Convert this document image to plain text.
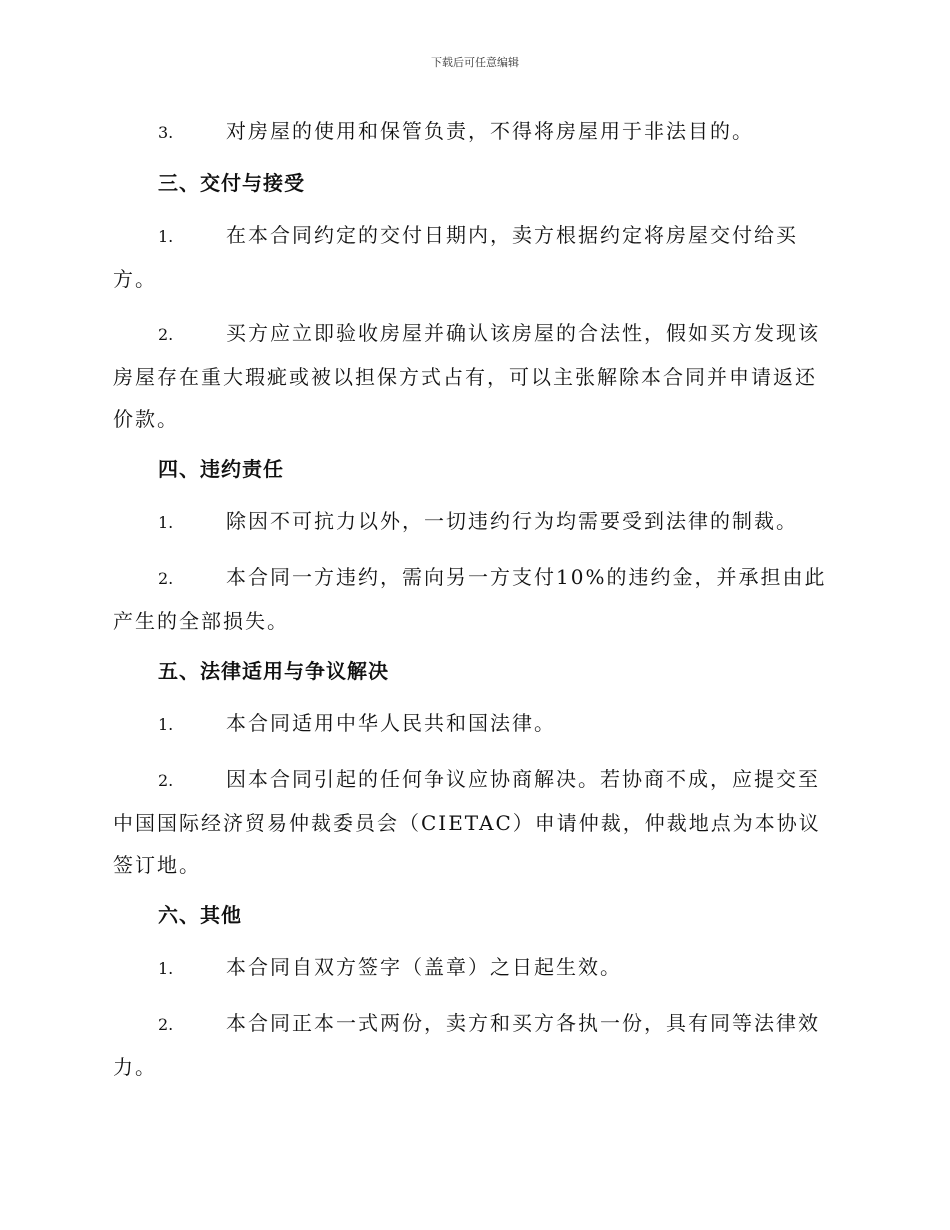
下载后可任意编辑

3.	对房屋的使用和保管负责，不得将房屋用于非法目的。

三、交付与接受

1.	在本合同约定的交付日期内，卖方根据约定将房屋交付给买方。

2.	买方应立即验收房屋并确认该房屋的合法性，假如买方发现该房屋存在重大瑕疵或被以担保方式占有，可以主张解除本合同并申请返还价款。

四、违约责任

1.	除因不可抗力以外，一切违约行为均需要受到法律的制裁。

2.	本合同一方违约，需向另一方支付10%的违约金，并承担由此产生的全部损失。

五、法律适用与争议解决

1.	本合同适用中华人民共和国法律。

2.	因本合同引起的任何争议应协商解决。若协商不成，应提交至中国国际经济贸易仲裁委员会（CIETAC）申请仲裁，仲裁地点为本协议签订地。

六、其他

1.	本合同自双方签字（盖章）之日起生效。

2.	本合同正本一式两份，卖方和买方各执一份，具有同等法律效力。
